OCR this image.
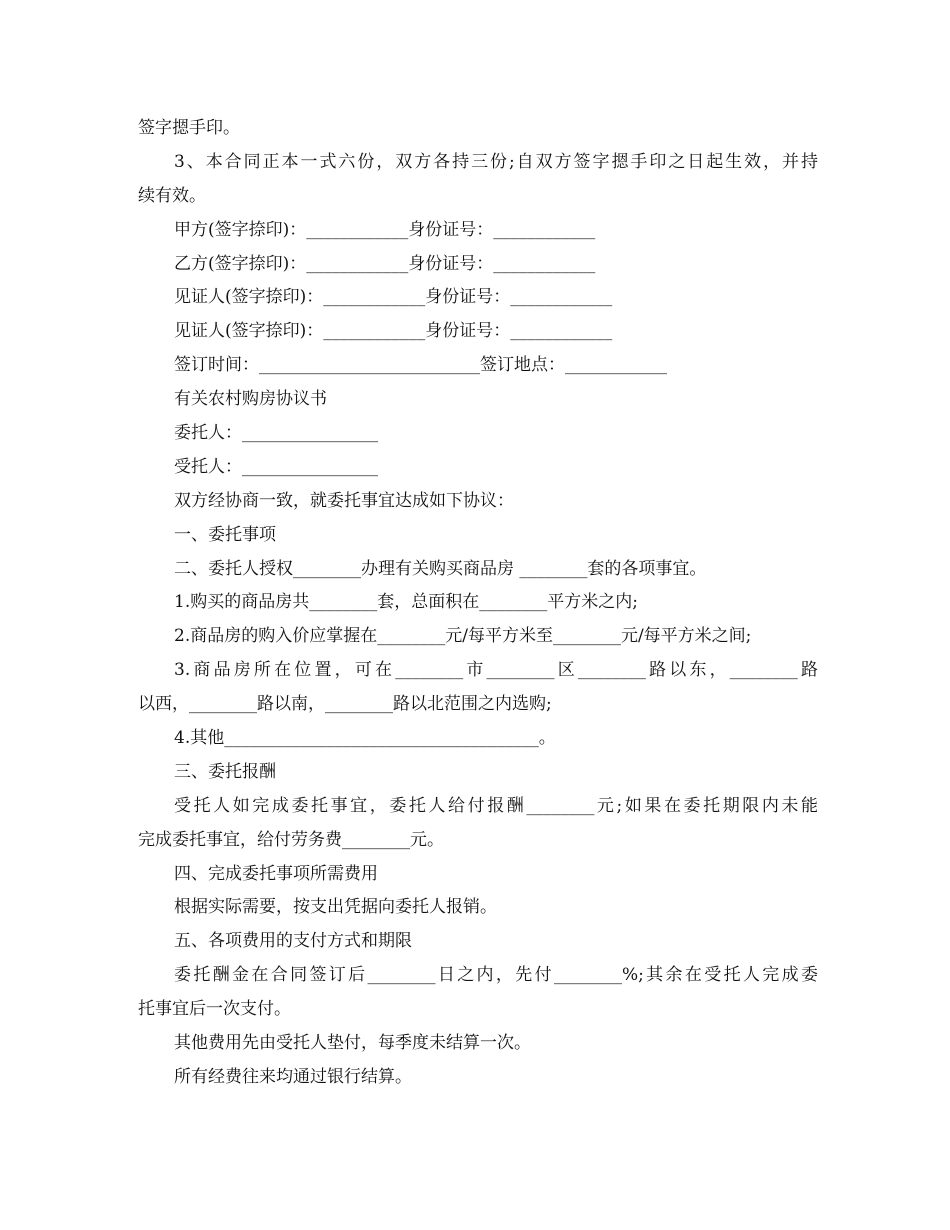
签字摁手印。
3、本合同正本一式六份，双方各持三份;自双方签字摁手印之日起生效，并持
续有效。
甲方(签字捺印)：____________身份证号：____________
乙方(签字捺印)：____________身份证号：____________
见证人(签字捺印)：____________身份证号：____________
见证人(签字捺印)：____________身份证号：____________
签订时间：__________________________签订地点：____________
有关农村购房协议书
委托人：________________
受托人：________________
双方经协商一致，就委托事宜达成如下协议：
一、委托事项
二、委托人授权________办理有关购买商品房 ________套的各项事宜。
1.购买的商品房共________套，总面积在________平方米之内;
2.商品房的购入价应掌握在________元/每平方米至________元/每平方米之间;
3.商品房所在位置，可在________市________区________路以东，________路
以西，________路以南，________路以北范围之内选购;
4.其他_____________________________________。
三、委托报酬
受托人如完成委托事宜，委托人给付报酬________元;如果在委托期限内未能
完成委托事宜，给付劳务费________元。
四、完成委托事项所需费用
根据实际需要，按支出凭据向委托人报销。
五、各项费用的支付方式和期限
委托酬金在合同签订后________日之内，先付________%;其余在受托人完成委
托事宜后一次支付。
其他费用先由受托人垫付，每季度未结算一次。
所有经费往来均通过银行结算。
